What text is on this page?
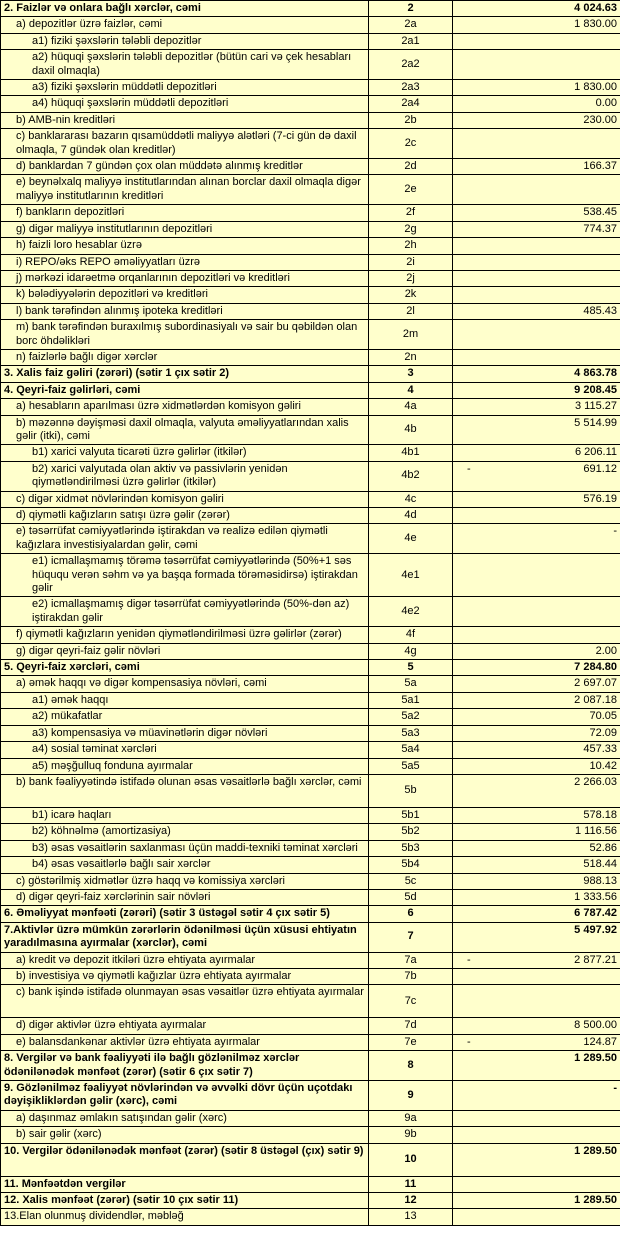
2. Faizlər və onlara bağlı xərclər, cəmi	2	4 024.63

a) depozitlər üzrə faizlər, cəmi	2a	1 830.00

a1) fiziki şəxslərin tələbli depozitlər	2a1	

a2) hüquqi şəxslərin tələbli depozitlər (bütün cari və çek hesabları daxil olmaqla)	2a2	

a3) fiziki şəxslərin müddətli depozitləri	2a3	1 830.00

a4) hüquqi şəxslərin müddətli depozitləri	2a4	0.00

b) AMB-nin kreditləri	2b	230.00

c) banklararası bazarın qısamüddətli maliyyə alətləri (7-ci gün də daxil olmaqla, 7 gündək olan kreditlər)	2c	

d) banklardan 7 gündən çox olan müddətə alınmış kreditlər	2d	166.37

e) beynəlxalq maliyyə institutlarından alınan borclar daxil olmaqla digər maliyyə institutlarının kreditləri	2e	

f) bankların depozitləri	2f	538.45

g) digər maliyyə institutlarının depozitləri	2g	774.37

h) faizli loro hesablar üzrə	2h	

i) REPO/əks REPO əməliyyatları üzrə	2i	

j) mərkəzi idarəetmə orqanlarının depozitləri və kreditləri	2j	

k) bələdiyyələrin depozitləri və kreditləri	2k	

l) bank tərəfindən alınmış ipoteka kreditləri	2l	485.43

m) bank tərəfindən buraxılmış subordinasiyalı və sair bu qəbildən olan borc öhdəlikləri	2m	

n) faizlərlə bağlı digər xərclər	2n	

3. Xalis faiz gəliri (zərəri) (sətir 1 çıx sətir 2)	3	4 863.78

4. Qeyri-faiz gəlirləri, cəmi	4	9 208.45

a) hesabların aparılması üzrə xidmətlərdən komisyon gəliri	4a	3 115.27

b) məzənnə dəyişməsi daxil olmaqla, valyuta əməliyyatlarından xalis gəlir (itki), cəmi	4b	5 514.99

b1) xarici valyuta ticarəti üzrə gəlirlər (itkilər)	4b1	6 206.11

b2) xarici valyutada olan aktiv və passivlərin yenidən qiymətləndirilməsi üzrə gəlirlər (itkilər)	4b2	- 691.12

c) digər xidmət növlərindən komisyon gəliri	4c	576.19

d) qiymətli kağızların satışı üzrə gəlir (zərər)	4d	

e) təsərrüfat cəmiyyətlərində iştirakdan və realizə edilən qiymətli kağızlara investisiyalardan gəlir, cəmi	4e	-

e1) icmallaşmamış törəmə təsərrüfat cəmiyyətlərində (50%+1 səs hüququ verən səhm və ya başqa formada törəməsidirsə) iştirakdan gəlir	4e1	

e2) icmallaşmamış digər təsərrüfat cəmiyyətlərində (50%-dən az) iştirakdan gəlir	4e2	

f) qiymətli kağızların yenidən qiymətləndirilməsi üzrə gəlirlər (zərər)	4f	

g) digər qeyri-faiz gəlir növləri	4g	2.00

5. Qeyri-faiz xərcləri, cəmi	5	7 284.80

a) əmək haqqı və digər kompensasiya növləri, cəmi	5a	2 697.07

a1) əmək haqqı	5a1	2 087.18

a2) mükafatlar	5a2	70.05

a3) kompensasiya və müavinətlərin digər növləri	5a3	72.09

a4) sosial təminat xərcləri	5a4	457.33

a5) məşğulluq fonduna ayırmalar	5a5	10.42

b) bank fəaliyyətində istifadə olunan əsas vəsaitlərlə bağlı xərclər, cəmi	5b	2 266.03

b1) icarə haqları	5b1	578.18

b2) köhnəlmə (amortizasiya)	5b2	1 116.56

b3) əsas vəsaitlərin saxlanması üçün maddi-texniki təminat xərcləri	5b3	52.86

b4) əsas vəsaitlərlə bağlı sair xərclər	5b4	518.44

c) göstərilmiş xidmətlər üzrə haqq və komissiya xərcləri	5c	988.13

d) digər qeyri-faiz xərclərinin sair növləri	5d	1 333.56

6. Əməliyyat mənfəəti (zərəri) (sətir 3 üstəgəl sətir 4 çıx sətir 5)	6	6 787.42

7.Aktivlər üzrə mümkün zərərlərin ödənilməsi üçün xüsusi ehtiyatın yaradılmasına ayırmalar (xərclər), cəmi	7	5 497.92

a) kredit və depozit itkiləri üzrə ehtiyata ayırmalar	7a	- 2 877.21

b) investisiya və qiymətli kağızlar üzrə ehtiyata ayırmalar	7b	

c) bank işində istifadə olunmayan əsas vəsaitlər üzrə ehtiyata ayırmalar	7c	

d) digər aktivlər üzrə ehtiyata ayırmalar	7d	8 500.00

e) balansdankənar aktivlər üzrə ehtiyata ayırmalar	7e	- 124.87

8. Vergilər və bank fəaliyyəti ilə bağlı gözlənilməz xərclər ödənilənədək mənfəət (zərər) (sətir 6 çıx sətir 7)	8	1 289.50

9. Gözlənilməz fəaliyyət növlərindən və əvvəlki dövr üçün uçotdakı dəyişikliklərdən gəlir (xərc), cəmi	9	-

a) daşınmaz əmlakın satışından gəlir (xərc)	9a	

b) sair gəlir (xərc)	9b	

10. Vergilər ödənilənədək mənfəət (zərər) (sətir 8 üstəgəl (çıx) sətir 9)	10	1 289.50

11. Mənfəətdən vergilər	11	

12. Xalis mənfəət (zərər) (sətir 10 çıx sətir 11)	12	1 289.50

13.Elan olunmuş dividendlər, məbləğ	13	
